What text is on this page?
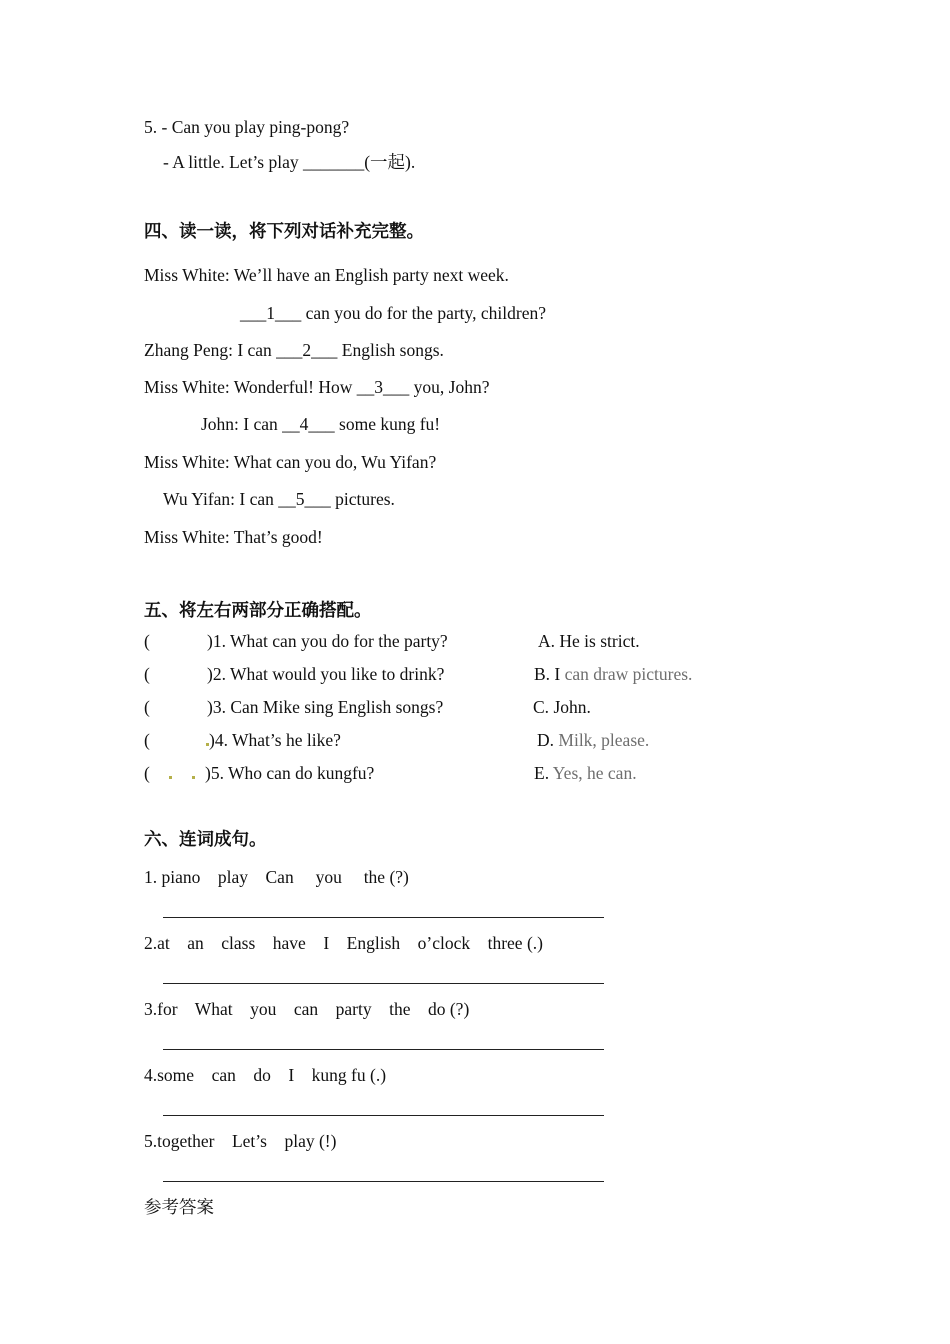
5. - Can you play ping-pong?
- A little. Let’s play _______(一起).
四、读一读，将下列对话补充完整。
Miss White: We’ll have an English party next week.
___1___ can you do for the party, children?
Zhang Peng: I can ___2___ English songs.
Miss White: Wonderful! How __3___ you, John?
John: I can __4___ some kung fu!
Miss White: What can you do, Wu Yifan?
Wu Yifan: I can __5___ pictures.
Miss White: That’s good!
五、将左右两部分正确搭配。
(	)1. What can you do for the party?	A. He is strict.
(	)2. What would you like to drink?	B. I can draw pictures.
(	)3. Can Mike sing English songs?	C. John.
(	)4. What’s he like?	D. Milk, please.
(	)5. Who can do kungfu?	E. Yes, he can.
六、连词成句。
1. piano    play    Can     you     the (?)
2.at    an    class    have    I    English    o’clock    three (.)
3.for    What    you    can    party    the    do (?)
4.some    can    do    I    kung fu (.)
5.together    Let’s    play (!)
参考答案
